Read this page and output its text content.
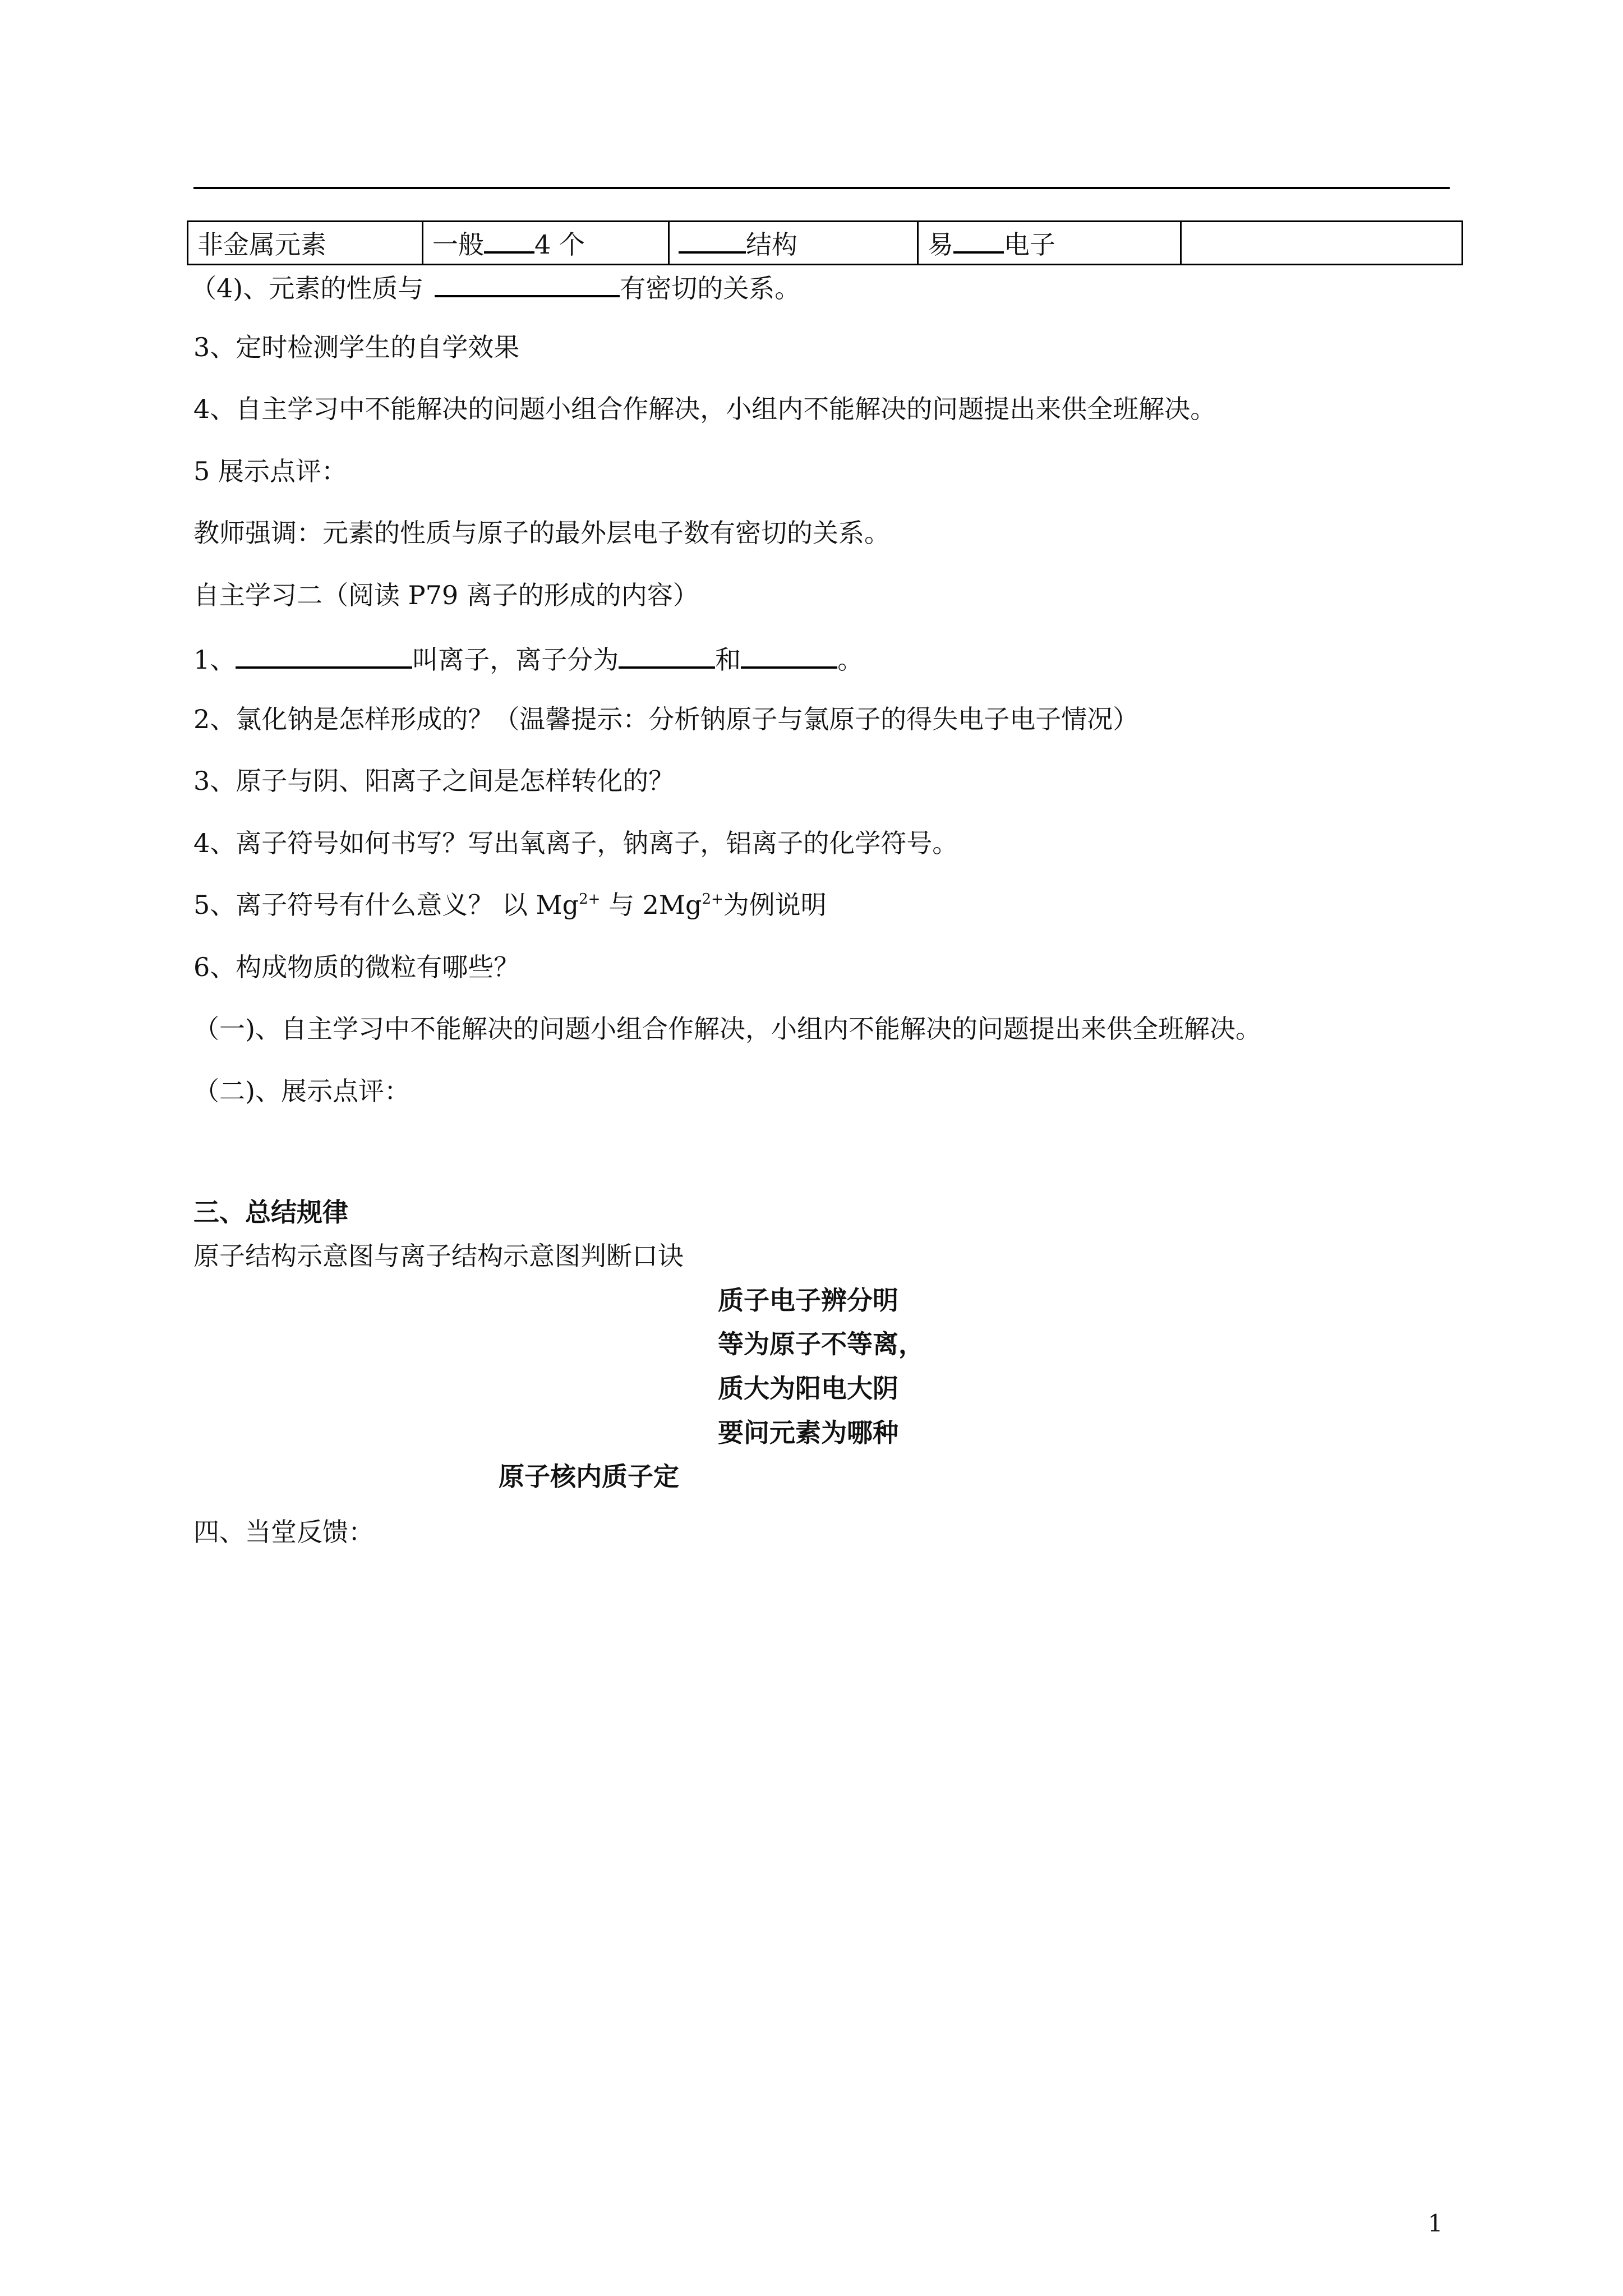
非金属元素	一般 4 个	结构	易 电子	
（4)、元素的性质与	有密切的关系。
3、定时检测学生的自学效果
4、自主学习中不能解决的问题小组合作解决，小组内不能解决的问题提出来供全班解决。
5 展示点评：
教师强调：元素的性质与原子的最外层电子数有密切的关系。
自主学习二（阅读 P79 离子的形成的内容）
1、	叫离子，离子分为	和	。
2、氯化钠是怎样形成的？（温馨提示：分析钠原子与氯原子的得失电子电子情况）
3、原子与阴、阳离子之间是怎样转化的？
4、离子符号如何书写？写出氧离子，钠离子，铝离子的化学符号。
5、离子符号有什么意义？ 以 $Mg^{2+}$ 与 $2Mg^{2+}$为例说明
6、构成物质的微粒有哪些？
（一)、自主学习中不能解决的问题小组合作解决，小组内不能解决的问题提出来供全班解决。
（二)、展示点评：
三、总结规律
原子结构示意图与离子结构示意图判断口诀
质子电子辨分明
等为原子不等离，
质大为阳电大阴
要问元素为哪种
原子核内质子定
四、当堂反馈：
1
